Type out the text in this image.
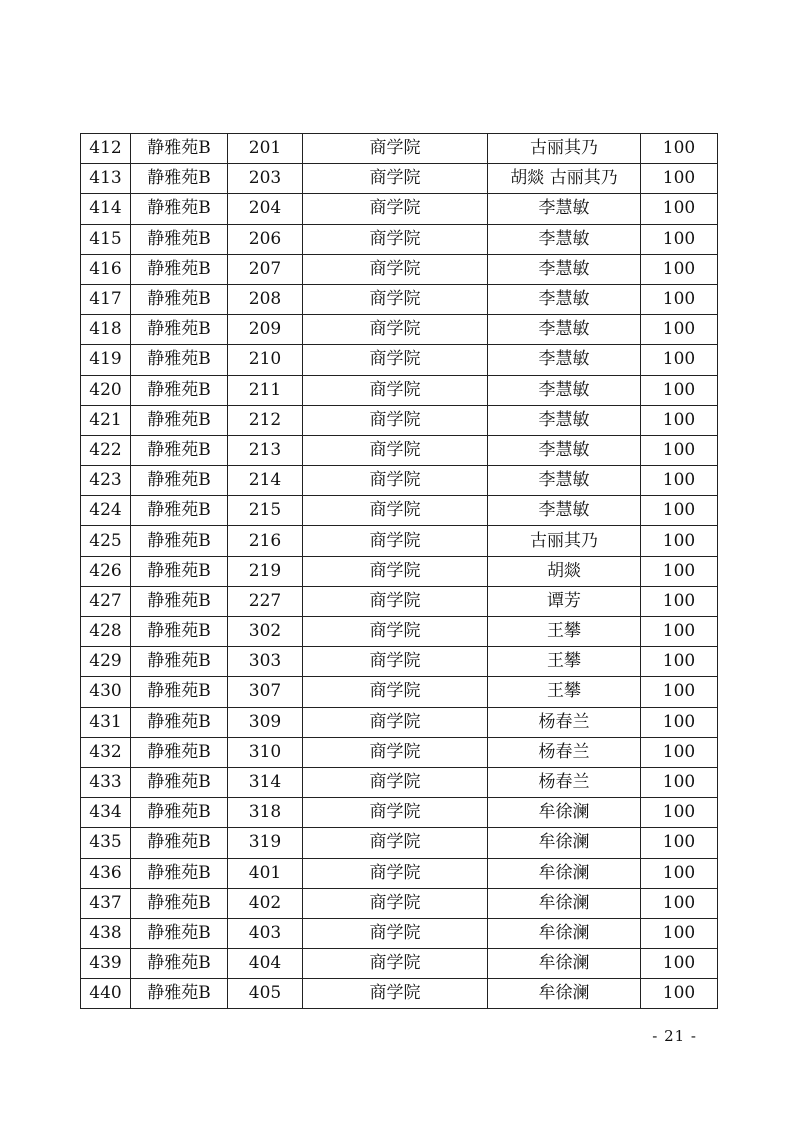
412	静雅苑B	201	商学院	古丽其乃	100
413	静雅苑B	203	商学院	胡燚 古丽其乃	100
414	静雅苑B	204	商学院	李慧敏	100
415	静雅苑B	206	商学院	李慧敏	100
416	静雅苑B	207	商学院	李慧敏	100
417	静雅苑B	208	商学院	李慧敏	100
418	静雅苑B	209	商学院	李慧敏	100
419	静雅苑B	210	商学院	李慧敏	100
420	静雅苑B	211	商学院	李慧敏	100
421	静雅苑B	212	商学院	李慧敏	100
422	静雅苑B	213	商学院	李慧敏	100
423	静雅苑B	214	商学院	李慧敏	100
424	静雅苑B	215	商学院	李慧敏	100
425	静雅苑B	216	商学院	古丽其乃	100
426	静雅苑B	219	商学院	胡燚	100
427	静雅苑B	227	商学院	谭芳	100
428	静雅苑B	302	商学院	王攀	100
429	静雅苑B	303	商学院	王攀	100
430	静雅苑B	307	商学院	王攀	100
431	静雅苑B	309	商学院	杨春兰	100
432	静雅苑B	310	商学院	杨春兰	100
433	静雅苑B	314	商学院	杨春兰	100
434	静雅苑B	318	商学院	牟徐澜	100
435	静雅苑B	319	商学院	牟徐澜	100
436	静雅苑B	401	商学院	牟徐澜	100
437	静雅苑B	402	商学院	牟徐澜	100
438	静雅苑B	403	商学院	牟徐澜	100
439	静雅苑B	404	商学院	牟徐澜	100
440	静雅苑B	405	商学院	牟徐澜	100
- 21 -
